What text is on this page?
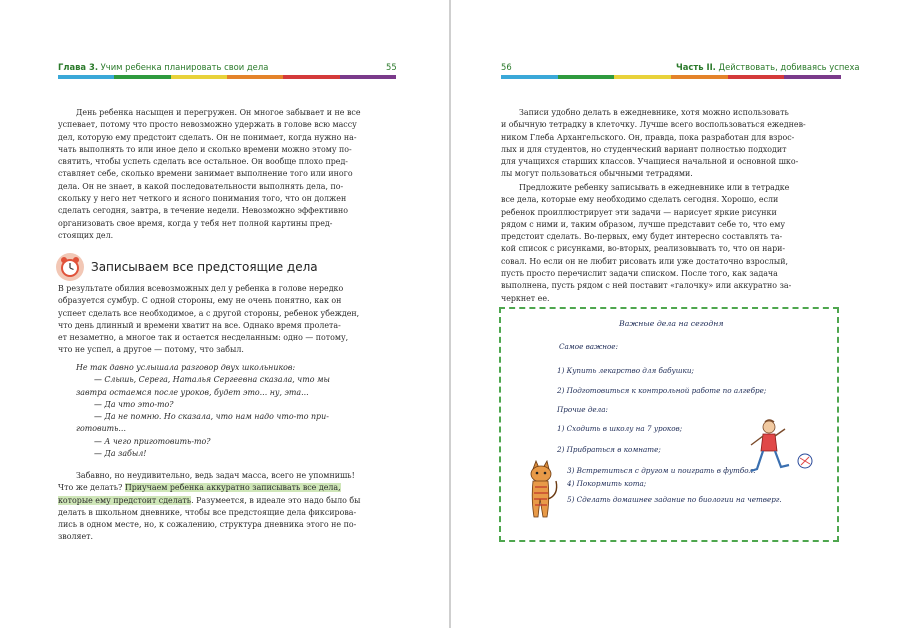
Глава 3. Учим ребенка планировать свои дела	55

День ребенка насыщен и перегружен. Он многое забывает и не все

успевает, потому что просто невозможно удержать в голове всю массу

дел, которую ему предстоит сделать. Он не понимает, когда нужно на-

чать выполнять то или иное дело и сколько времени можно этому по-

святить, чтобы успеть сделать все остальное. Он вообще плохо пред-

ставляет себе, сколько времени занимает выполнение того или иного

дела. Он не знает, в какой последовательности выполнять дела, по-

скольку у него нет четкого и ясного понимания того, что он должен

сделать сегодня, завтра, в течение недели. Невозможно эффективно

организовать свое время, когда у тебя нет полной картины пред-

стоящих дел.

Записываем все предстоящие дела

В результате обилия всевозможных дел у ребенка в голове нередко

образуется сумбур. С одной стороны, ему не очень понятно, как он

успеет сделать все необходимое, а с другой стороны, ребенок убежден,

что день длинный и времени хватит на все. Однако время пролета-

ет незаметно, а многое так и остается несделанным: одно — потому,

что не успел, а другое — потому, что забыл.

Не так давно услышала разговор двух школьников:

— Слышь, Серега, Наталья Сергеевна сказала, что мы

завтра остаемся после уроков, будет это... ну, эта...

— Да что это-то?

— Да не помню. Но сказала, что нам надо что-то при-

готовить...

— А чего приготовить-то?

— Да забыл!

Забавно, но неудивительно, ведь задач масса, всего не упомнишь!

Что же делать? Приучаем ребенка аккуратно записывать все дела,

которые ему предстоит сделать. Разумеется, в идеале это надо было бы

делать в школьном дневнике, чтобы все предстоящие дела фиксирова-

лись в одном месте, но, к сожалению, структура дневника этого не по-

зволяет.

56	Часть II. Действовать, добиваясь успеха

Записи удобно делать в ежедневнике, хотя можно использовать

и обычную тетрадку в клеточку. Лучше всего воспользоваться ежеднев-

ником Глеба Архангельского. Он, правда, пока разработан для взрос-

лых и для студентов, но студенческий вариант полностью подходит

для учащихся старших классов. Учащиеся начальной и основной шко-

лы могут пользоваться обычными тетрадями.

Предложите ребенку записывать в ежедневнике или в тетрадке

все дела, которые ему необходимо сделать сегодня. Хорошо, если

ребенок проиллюстрирует эти задачи — нарисует яркие рисунки

рядом с ними и, таким образом, лучше представит себе то, что ему

предстоит сделать. Во-первых, ему будет интересно составлять та-

кой список с рисунками, во-вторых, реализовывать то, что он нари-

совал. Но если он не любит рисовать или уже достаточно взрослый,

пусть просто перечислит задачи списком. После того, как задача

выполнена, пусть рядом с ней поставит «галочку» или аккуратно за-

черкнет ее.

Важные дела на сегодня
Самое важное:
1) Купить лекарство для бабушки;
2) Подготовиться к контрольной работе по алгебре;
Прочие дела:
1) Сходить в школу на 7 уроков;
2) Прибраться в комнате;
3) Встретиться с другом и поиграть в футбол.
4) Покормить кота;
5) Сделать домашнее задание по биологии на четверг.
